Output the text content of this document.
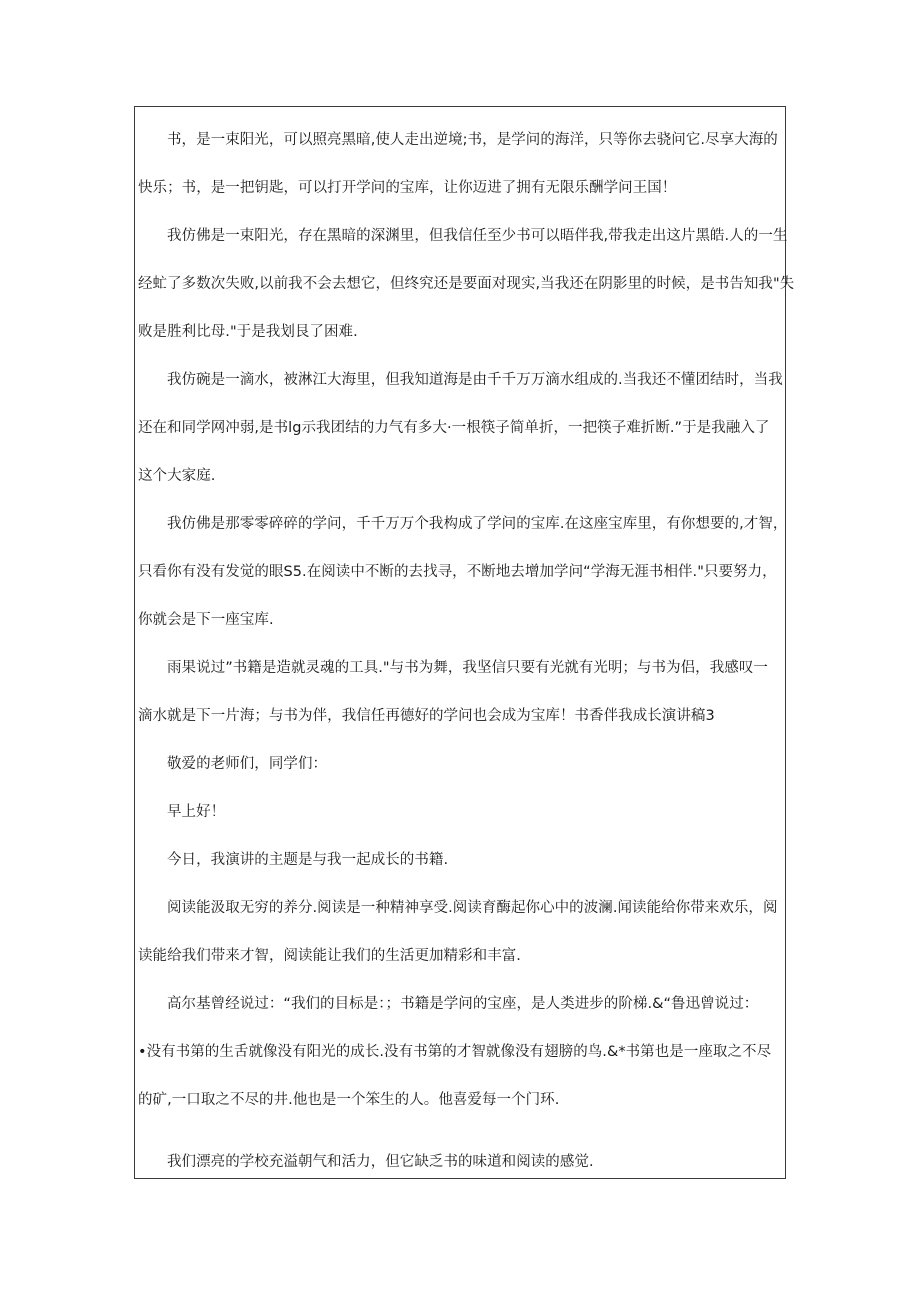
书，是一束阳光，可以照亮黑暗,使人走出逆境;书，是学问的海洋，只等你去骁问它.尽享大海的
快乐；书，是一把钥匙，可以打开学问的宝库，让你迈进了拥有无限乐酬学问王国！
我仿佛是一束阳光，存在黑暗的深渊里，但我信任至少书可以晤伴我,带我走出这片黑皓.人的一生
经虻了多数次失败,以前我不会去想它，但终究还是要面对现实,当我还在阴影里的时候，是书告知我"失
败是胜利比母."于是我划艮了困难.
我仿碗是一滴水，被淋江大海里，但我知道海是由千千万万滴水组成的.当我还不懂团结时，当我
还在和同学网冲弱,是书lg示我团结的力气有多大·一根筷子简单折，一把筷子难折断.”于是我融入了
这个大家庭.
我仿佛是那零零碎碎的学问，千千万万个我构成了学问的宝库.在这座宝库里，有你想要的,才智，
只看你有没有发觉的眼S5.在阅读中不断的去找寻，不断地去增加学问“学海无涯书相伴."只要努力，
你就会是下一座宝库.
雨果说过”书籍是造就灵魂的工具."与书为舞，我坚信只要有光就有光明；与书为侣，我感叹一
滴水就是下一片海；与书为伴，我信任再德好的学问也会成为宝库！书香伴我成长演讲稿3
敬爱的老师们，同学们：
早上好！
今日，我演讲的主题是与我一起成长的书籍.
阅读能汲取无穷的养分.阅读是一种精神享受.阅读育酶起你心中的波澜.闻读能给你带来欢乐，阅
读能给我们带来才智，阅读能让我们的生活更加精彩和丰富.
高尔基曾经说过：“我们的目标是：；书籍是学问的宝座，是人类进步的阶梯.&“鲁迅曾说过：
•没有书第的生舌就像没有阳光的成长.没有书第的才智就像没有翅膀的鸟.&*书第也是一座取之不尽
的矿,一口取之不尽的井.他也是一个笨生的人。他喜爱每一个门环.
我们漂亮的学校充溢朝气和活力，但它缺乏书的味道和阅读的感觉.
